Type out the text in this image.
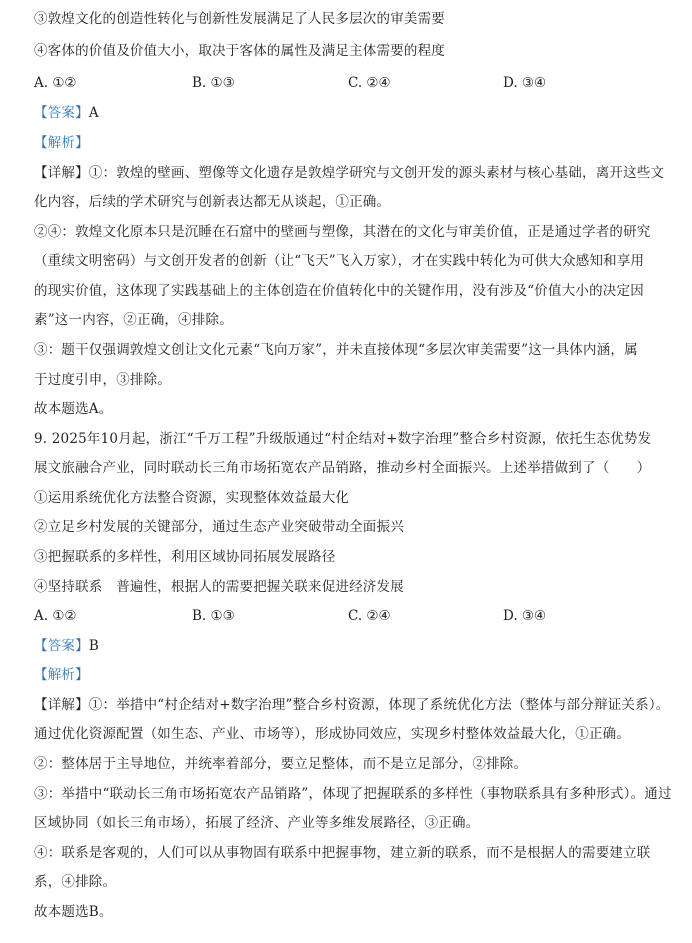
③敦煌文化的创造性转化与创新性发展满足了人民多层次的审美需要
④客体的价值及价值大小，取决于客体的属性及满足主体需要的程度
A. ①②	B. ①③	C. ②④	D. ③④
【答案】A
【解析】
【详解】①：敦煌的壁画、塑像等文化遗存是敦煌学研究与文创开发的源头素材与核心基础，离开这些文
化内容，后续的学术研究与创新表达都无从谈起，①正确。
②④：敦煌文化原本只是沉睡在石窟中的壁画与塑像，其潜在的文化与审美价值，正是通过学者的研究
（重续文明密码）与文创开发者的创新（让“飞天”飞入万家），才在实践中转化为可供大众感知和享用
的现实价值，这体现了实践基础上的主体创造在价值转化中的关键作用，没有涉及“价值大小的决定因
素”这一内容，②正确，④排除。
③：题干仅强调敦煌文创让文化元素“飞向万家”，并未直接体现“多层次审美需要”这一具体内涵，属
于过度引申，③排除。
故本题选A。
9. 2025年10月起，浙江“千万工程”升级版通过“村企结对+数字治理”整合乡村资源，依托生态优势发
展文旅融合产业，同时联动长三角市场拓宽农产品销路，推动乡村全面振兴。上述举措做到了（　　）
①运用系统优化方法整合资源，实现整体效益最大化
②立足乡村发展的关键部分，通过生态产业突破带动全面振兴
③把握联系的多样性，利用区域协同拓展发展路径
④坚持联系　普遍性，根据人的需要把握关联来促进经济发展
A. ①②	B. ①③	C. ②④	D. ③④
【答案】B
【解析】
【详解】①：举措中“村企结对+数字治理”整合乡村资源，体现了系统优化方法（整体与部分辩证关系）。
通过优化资源配置（如生态、产业、市场等），形成协同效应，实现乡村整体效益最大化，①正确。
②：整体居于主导地位，并统率着部分，要立足整体，而不是立足部分，②排除。
③：举措中“联动长三角市场拓宽农产品销路”，体现了把握联系的多样性（事物联系具有多种形式）。通过
区域协同（如长三角市场），拓展了经济、产业等多维发展路径，③正确。
④：联系是客观的，人们可以从事物固有联系中把握事物，建立新的联系，而不是根据人的需要建立联
系，④排除。
故本题选B。
